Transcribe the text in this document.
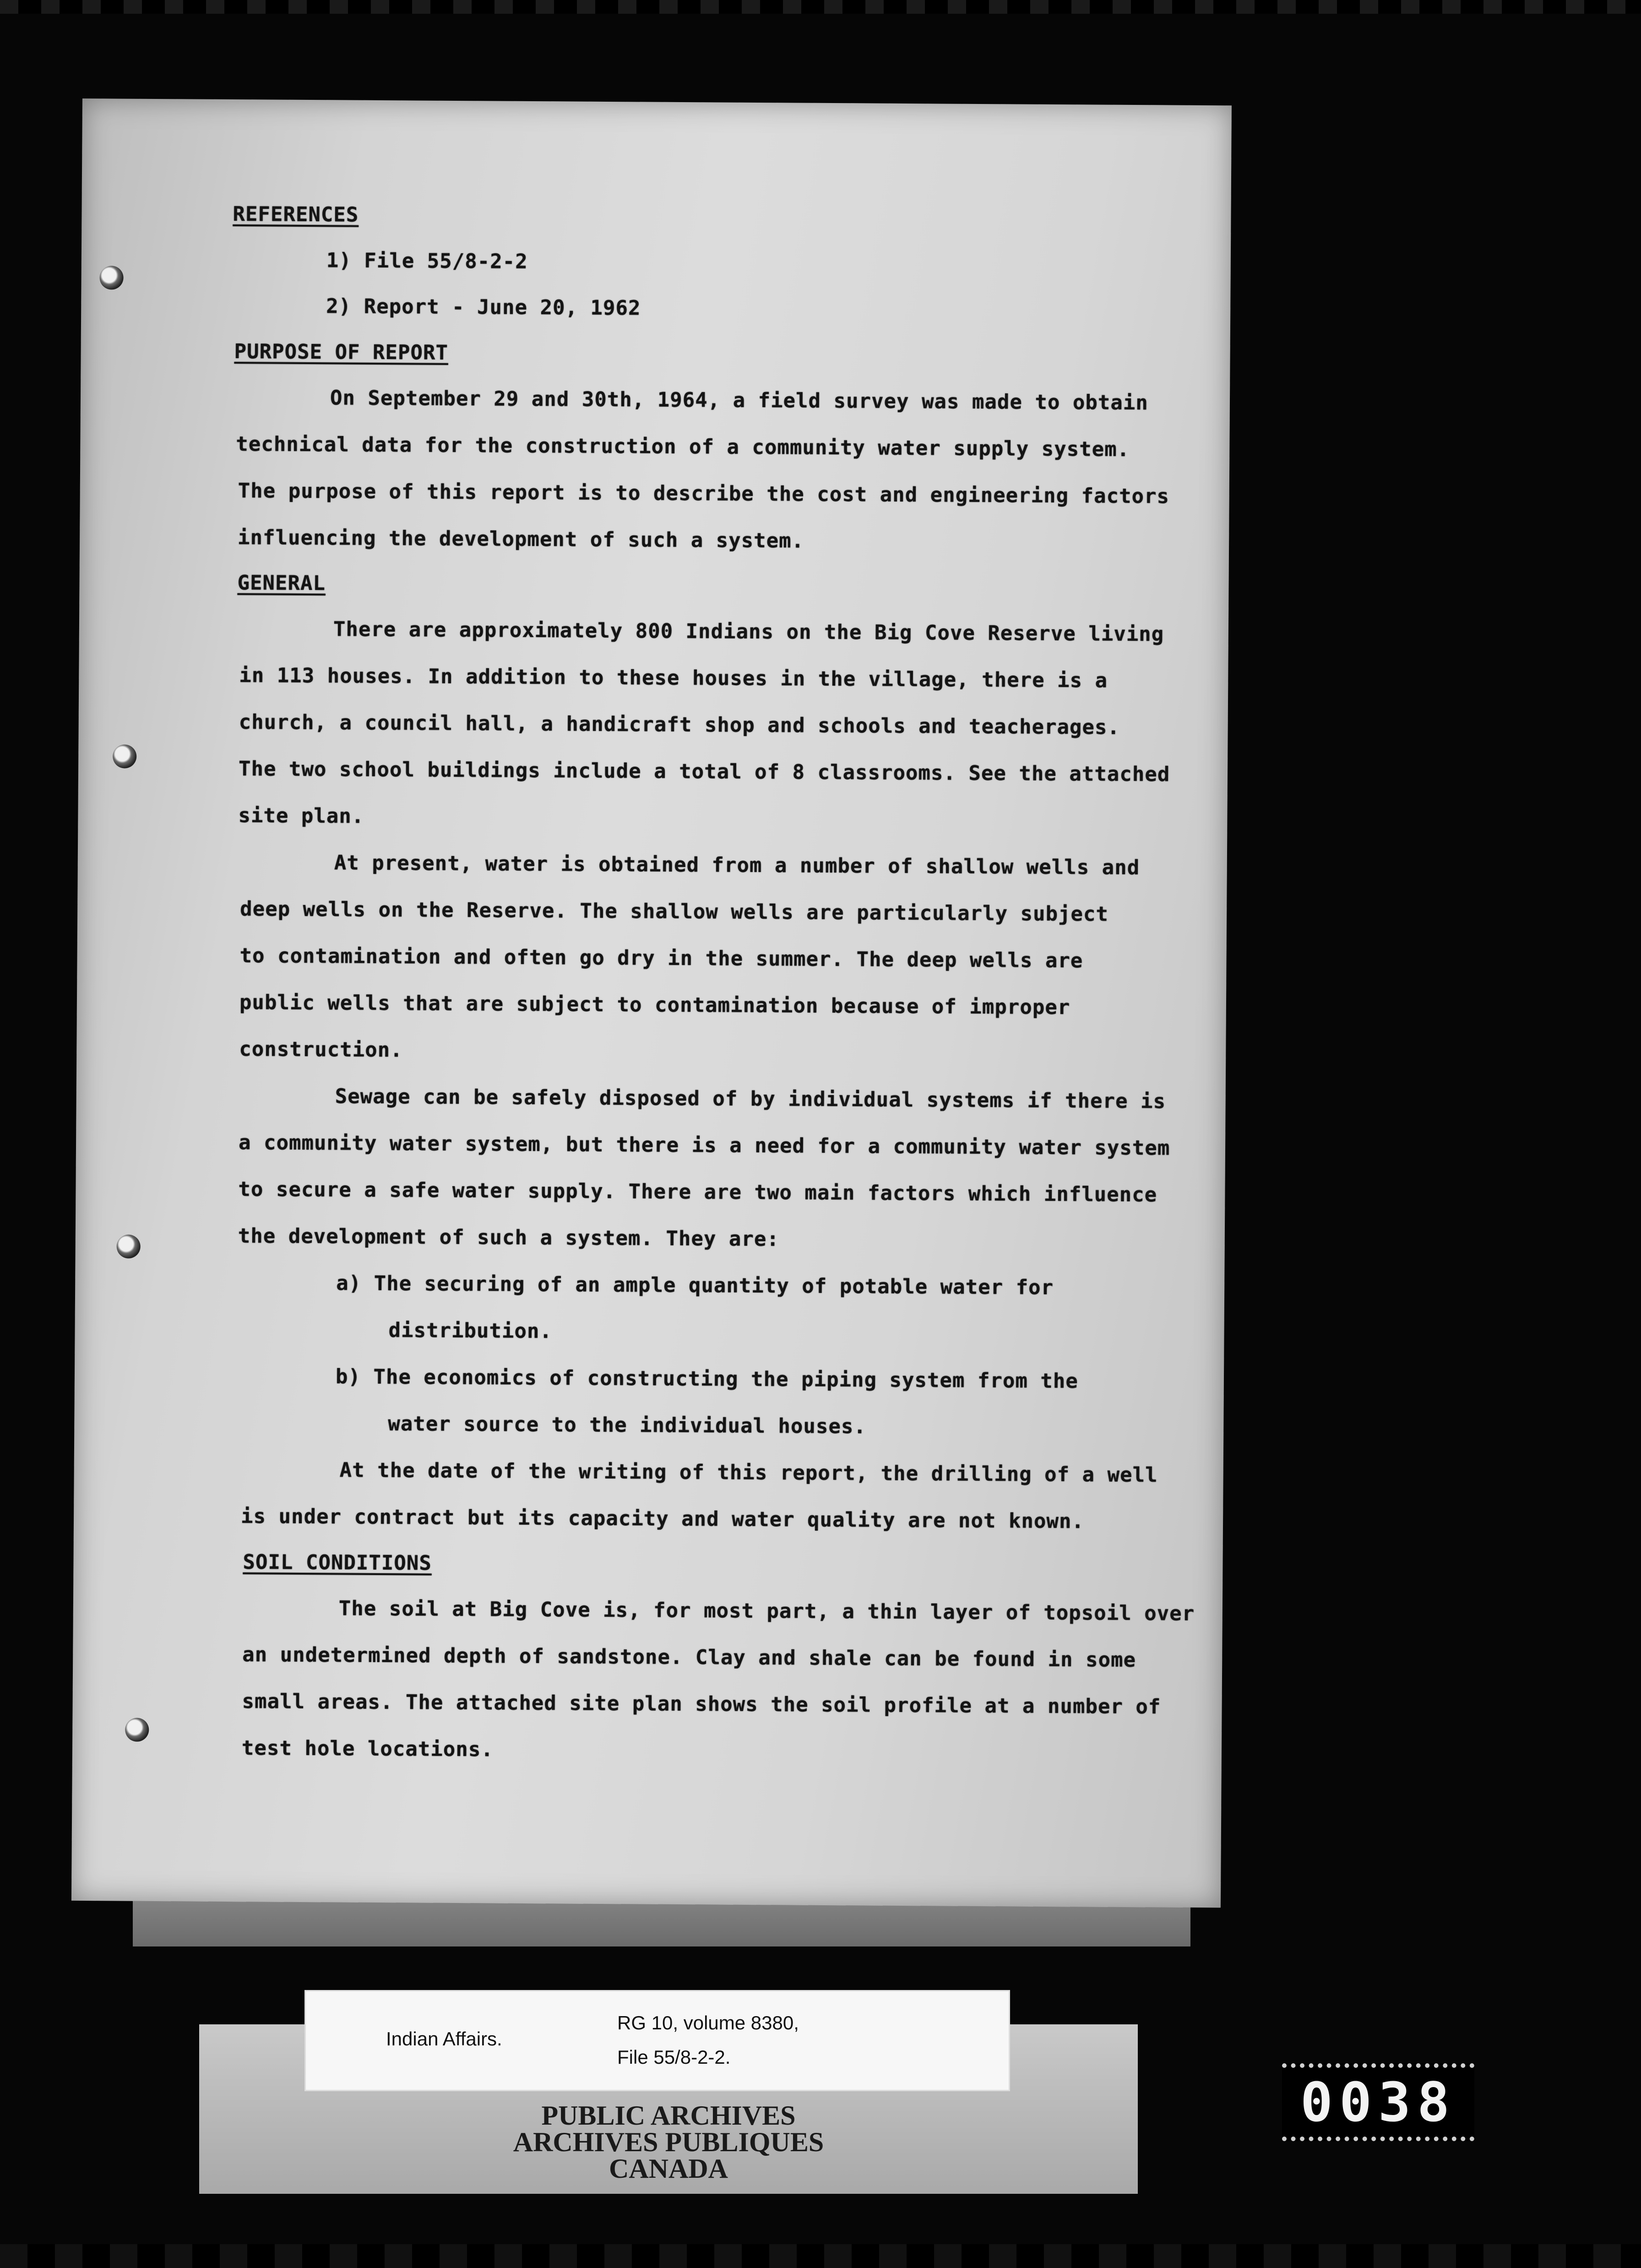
REFERENCES
1) File 55/8-2-2
2) Report - June 20, 1962
PURPOSE OF REPORT
On September 29 and 30th, 1964, a field survey was made to obtain
technical data for the construction of a community water supply system.
The purpose of this report is to describe the cost and engineering factors
influencing the development of such a system.
GENERAL
There are approximately 800 Indians on the Big Cove Reserve living
in 113 houses. In addition to these houses in the village, there is a
church, a council hall, a handicraft shop and schools and teacherages.
The two school buildings include a total of 8 classrooms. See the attached
site plan.
At present, water is obtained from a number of shallow wells and
deep wells on the Reserve. The shallow wells are particularly subject
to contamination and often go dry in the summer. The deep wells are
public wells that are subject to contamination because of improper
construction.
Sewage can be safely disposed of by individual systems if there is
a community water system, but there is a need for a community water system
to secure a safe water supply. There are two main factors which influence
the development of such a system. They are:
a) The securing of an ample quantity of potable water for
distribution.
b) The economics of constructing the piping system from the
water source to the individual houses.
At the date of the writing of this report, the drilling of a well
is under contract but its capacity and water quality are not known.
SOIL CONDITIONS
The soil at Big Cove is, for most part, a thin layer of topsoil over
an undetermined depth of sandstone. Clay and shale can be found in some
small areas. The attached site plan shows the soil profile at a number of
test hole locations.
Indian Affairs.
RG 10, volume 8380,
File 55/8-2-2.
PUBLIC ARCHIVES
ARCHIVES PUBLIQUES
CANADA
0038
